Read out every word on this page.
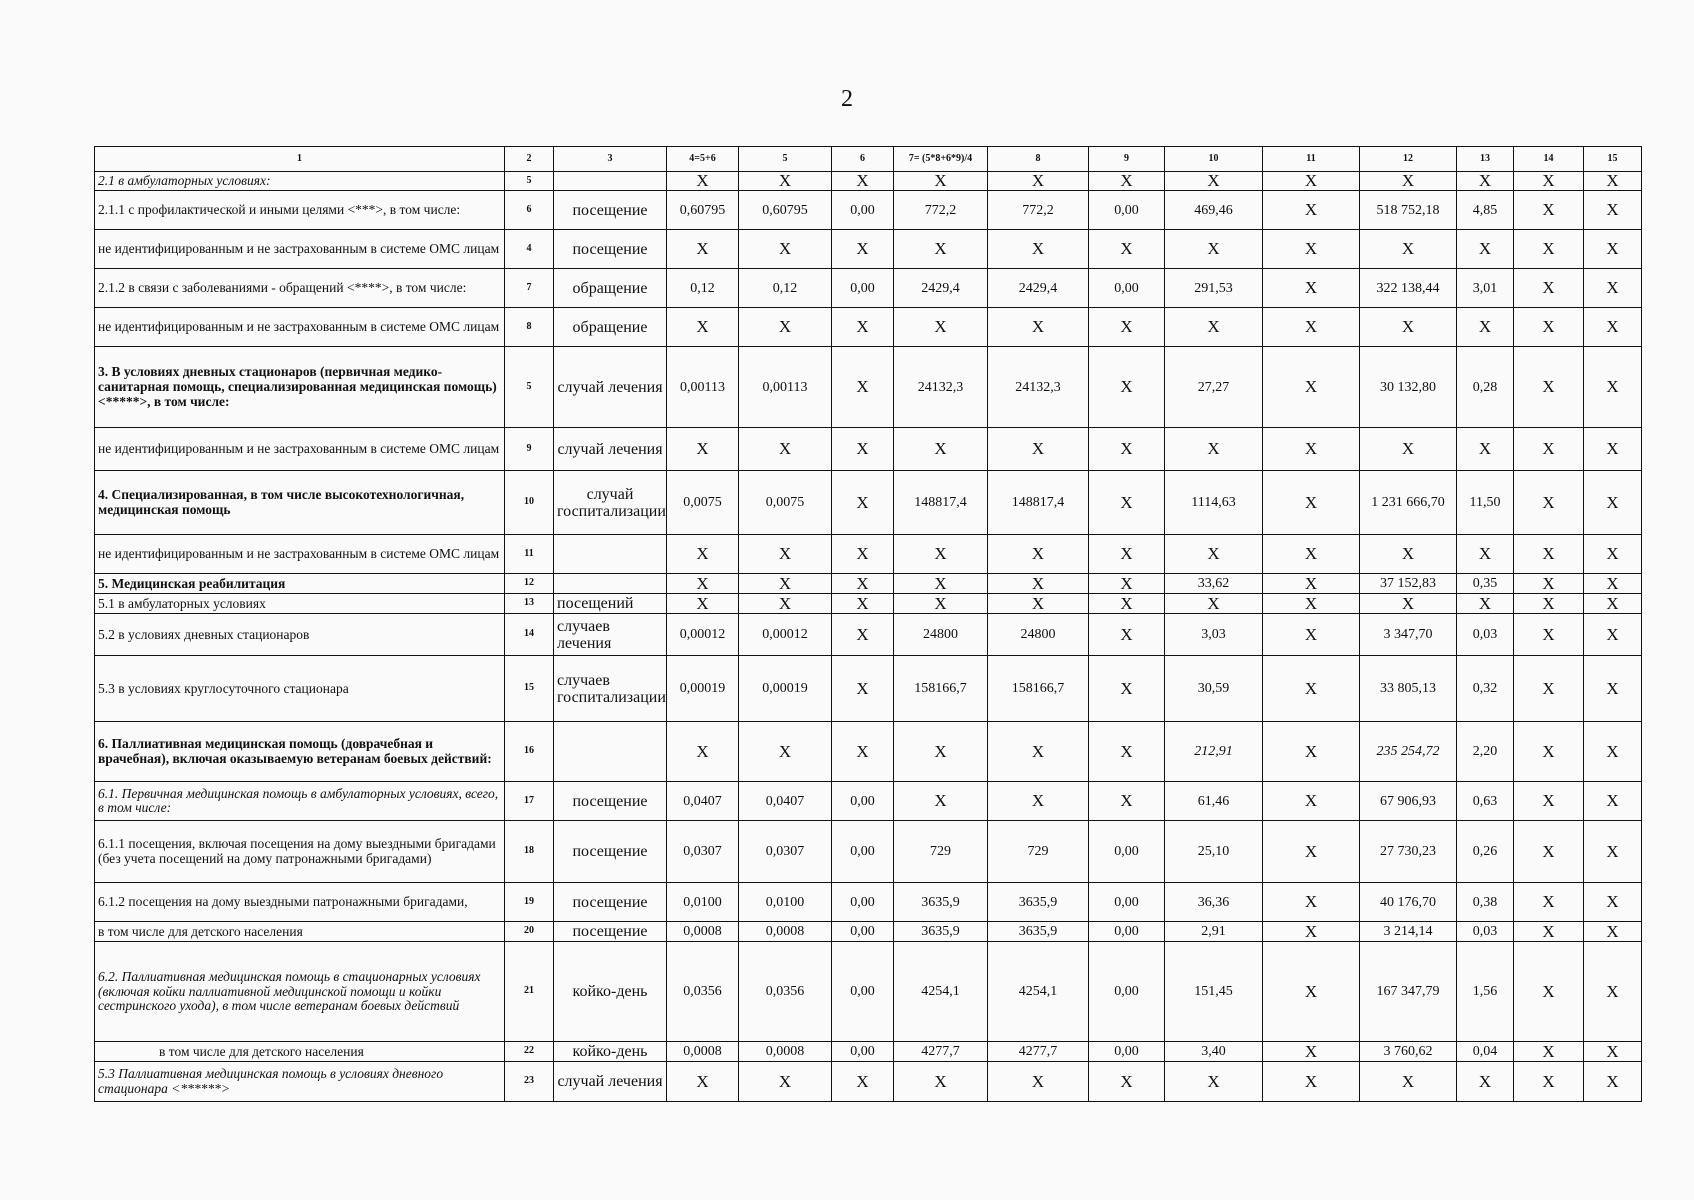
2
1	2	3	4=5+6	5	6	7= (5*8+6*9)/4	8	9	10	11	12	13	14	15
2.1 в амбулаторных условиях:	5		X	X	X	X	X	X	X	X	X	X	X	X
2.1.1 с профилактической и иными целями <***>, в том числе:	6	посещение	0,60795	0,60795	0,00	772,2	772,2	0,00	469,46	X	518 752,18	4,85	X	X
не идентифицированным и не застрахованным в системе ОМС лицам	4	посещение	X	X	X	X	X	X	X	X	X	X	X	X
2.1.2 в связи с заболеваниями - обращений <****>, в том числе:	7	обращение	0,12	0,12	0,00	2429,4	2429,4	0,00	291,53	X	322 138,44	3,01	X	X
не идентифицированным и не застрахованным в системе ОМС лицам	8	обращение	X	X	X	X	X	X	X	X	X	X	X	X
3. В условиях дневных стационаров (первичная медико-санитарная помощь, специализированная медицинская помощь) <*****>, в том числе:	5	случай лечения	0,00113	0,00113	X	24132,3	24132,3	X	27,27	X	30 132,80	0,28	X	X
не идентифицированным и не застрахованным в системе ОМС лицам	9	случай лечения	X	X	X	X	X	X	X	X	X	X	X	X
4. Специализированная, в том числе высокотехнологичная, медицинская помощь	10	случай госпитализации	0,0075	0,0075	X	148817,4	148817,4	X	1114,63	X	1 231 666,70	11,50	X	X
не идентифицированным и не застрахованным в системе ОМС лицам	11		X	X	X	X	X	X	X	X	X	X	X	X
5. Медицинская реабилитация	12		X	X	X	X	X	X	33,62	X	37 152,83	0,35	X	X
5.1 в амбулаторных условиях	13	посещений	X	X	X	X	X	X	X	X	X	X	X	X
5.2 в условиях дневных стационаров	14	случаев лечения	0,00012	0,00012	X	24800	24800	X	3,03	X	3 347,70	0,03	X	X
5.3 в условиях круглосуточного стационара	15	случаев госпитализации	0,00019	0,00019	X	158166,7	158166,7	X	30,59	X	33 805,13	0,32	X	X
6. Паллиативная медицинская помощь (доврачебная и врачебная), включая оказываемую ветеранам боевых действий:	16		X	X	X	X	X	X	212,91	X	235 254,72	2,20	X	X
6.1. Первичная медицинская помощь в амбулаторных условиях, всего, в том числе:	17	посещение	0,0407	0,0407	0,00	X	X	X	61,46	X	67 906,93	0,63	X	X
6.1.1 посещения, включая посещения на дому выездными бригадами (без учета посещений на дому патронажными бригадами)	18	посещение	0,0307	0,0307	0,00	729	729	0,00	25,10	X	27 730,23	0,26	X	X
6.1.2 посещения на дому выездными патронажными бригадами,	19	посещение	0,0100	0,0100	0,00	3635,9	3635,9	0,00	36,36	X	40 176,70	0,38	X	X
в том числе для детского населения	20	посещение	0,0008	0,0008	0,00	3635,9	3635,9	0,00	2,91	X	3 214,14	0,03	X	X
6.2. Паллиативная медицинская помощь в стационарных условиях (включая койки паллиативной медицинской помощи и койки сестринского ухода), в том числе ветеранам боевых действий	21	койко-день	0,0356	0,0356	0,00	4254,1	4254,1	0,00	151,45	X	167 347,79	1,56	X	X
в том числе для детского населения	22	койко-день	0,0008	0,0008	0,00	4277,7	4277,7	0,00	3,40	X	3 760,62	0,04	X	X
5.3 Паллиативная медицинская помощь в условиях дневного стационара <******>	23	случай лечения	X	X	X	X	X	X	X	X	X	X	X	X
